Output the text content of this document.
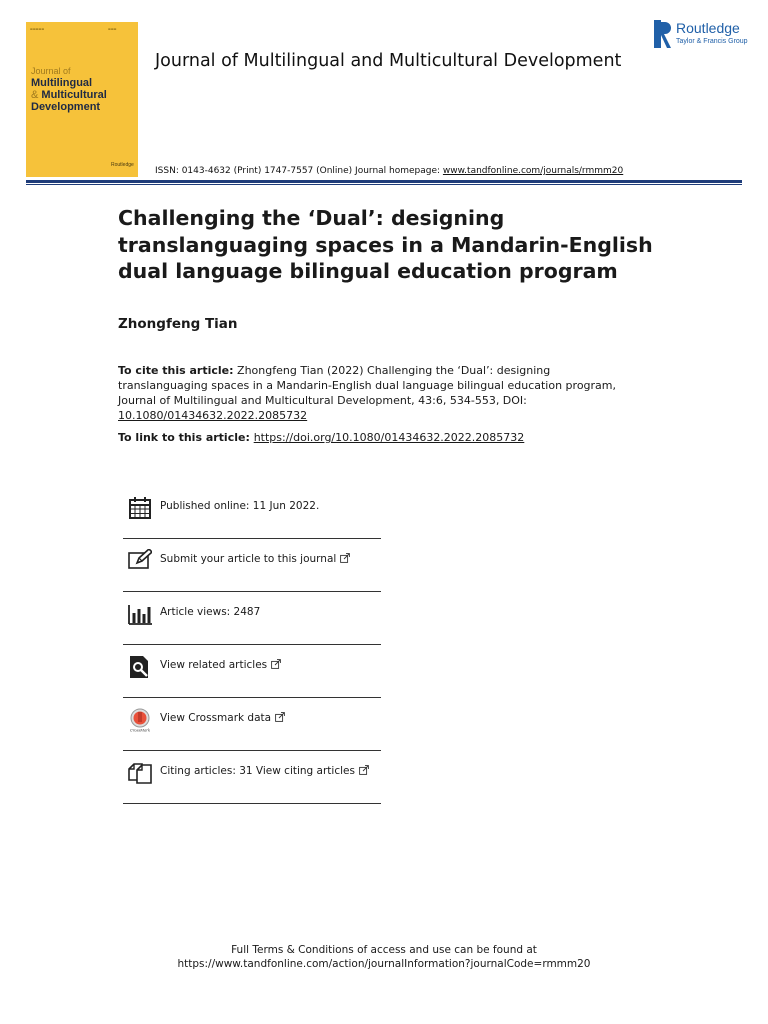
▬▬▬▬▬	▬▬▬
Journal of
Multilingual
& Multicultural
Development
Routledge
Journal of Multilingual and Multicultural Development
Routledge
Taylor & Francis Group
ISSN: 0143-4632 (Print) 1747-7557 (Online) Journal homepage: www.tandfonline.com/journals/rmmm20
Challenging the ‘Dual’: designing translanguaging spaces in a Mandarin-English dual language bilingual education program
Zhongfeng Tian
To cite this article: Zhongfeng Tian (2022) Challenging the ‘Dual’: designing translanguaging spaces in a Mandarin-English dual language bilingual education program, Journal of Multilingual and Multicultural Development, 43:6, 534-553, DOI: 10.1080/01434632.2022.2085732
To link to this article: https://doi.org/10.1080/01434632.2022.2085732
Published online: 11 Jun 2022.
Submit your article to this journal
Article views: 2487
View related articles
CrossMark
View Crossmark data
Citing articles: 31 View citing articles
Full Terms & Conditions of access and use can be found at
https://www.tandfonline.com/action/journalInformation?journalCode=rmmm20
